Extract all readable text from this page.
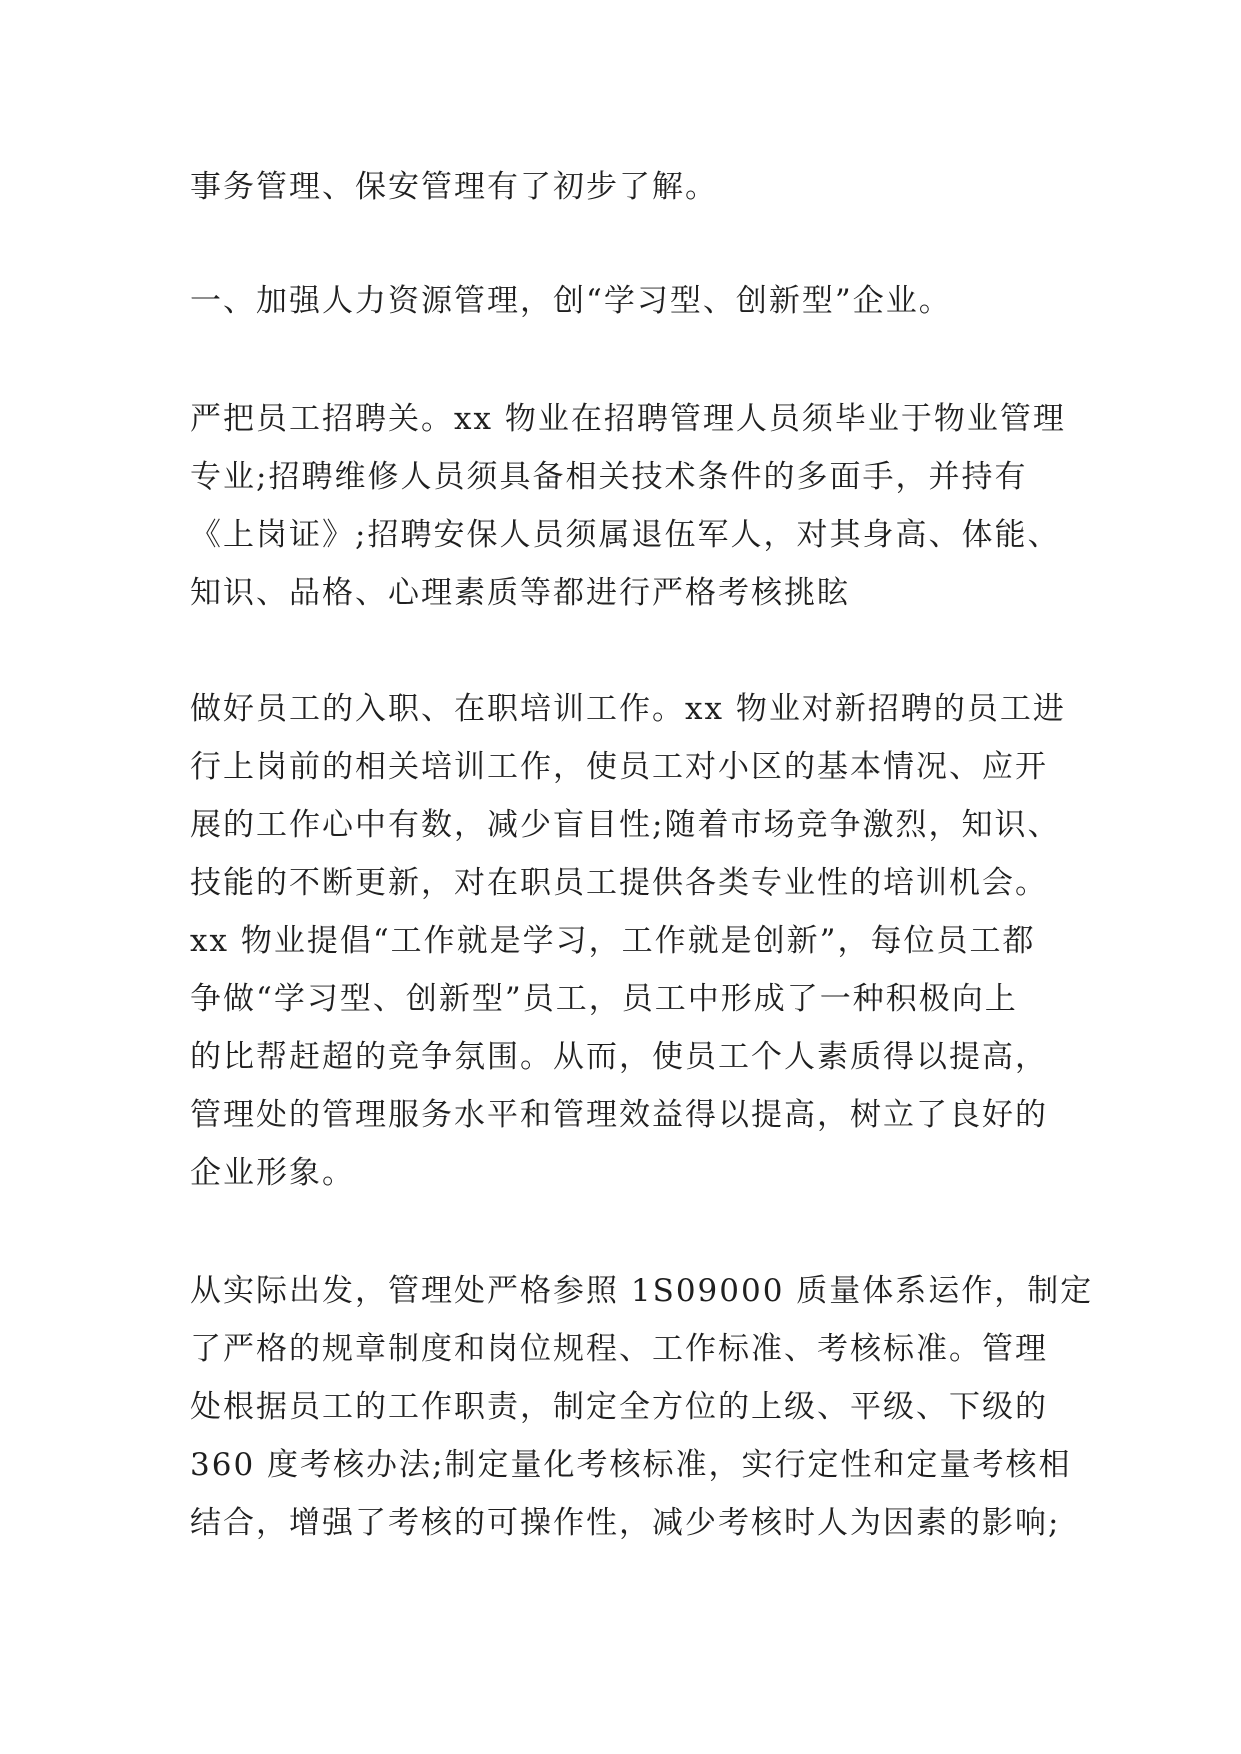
事务管理、保安管理有了初步了解。
一、加强人力资源管理，创“学习型、创新型”企业。
严把员工招聘关。xx 物业在招聘管理人员须毕业于物业管理
专业;招聘维修人员须具备相关技术条件的多面手，并持有
《上岗证》;招聘安保人员须属退伍军人，对其身高、体能、
知识、品格、心理素质等都进行严格考核挑眩
做好员工的入职、在职培训工作。xx 物业对新招聘的员工进
行上岗前的相关培训工作，使员工对小区的基本情况、应开
展的工作心中有数，减少盲目性;随着市场竞争激烈，知识、
技能的不断更新，对在职员工提供各类专业性的培训机会。
xx 物业提倡“工作就是学习，工作就是创新”，每位员工都
争做“学习型、创新型”员工，员工中形成了一种积极向上
的比帮赶超的竞争氛围。从而，使员工个人素质得以提高，
管理处的管理服务水平和管理效益得以提高，树立了良好的
企业形象。
从实际出发，管理处严格参照 1S09000 质量体系运作，制定
了严格的规章制度和岗位规程、工作标准、考核标准。管理
处根据员工的工作职责，制定全方位的上级、平级、下级的
360 度考核办法;制定量化考核标准，实行定性和定量考核相
结合，增强了考核的可操作性，减少考核时人为因素的影响;
